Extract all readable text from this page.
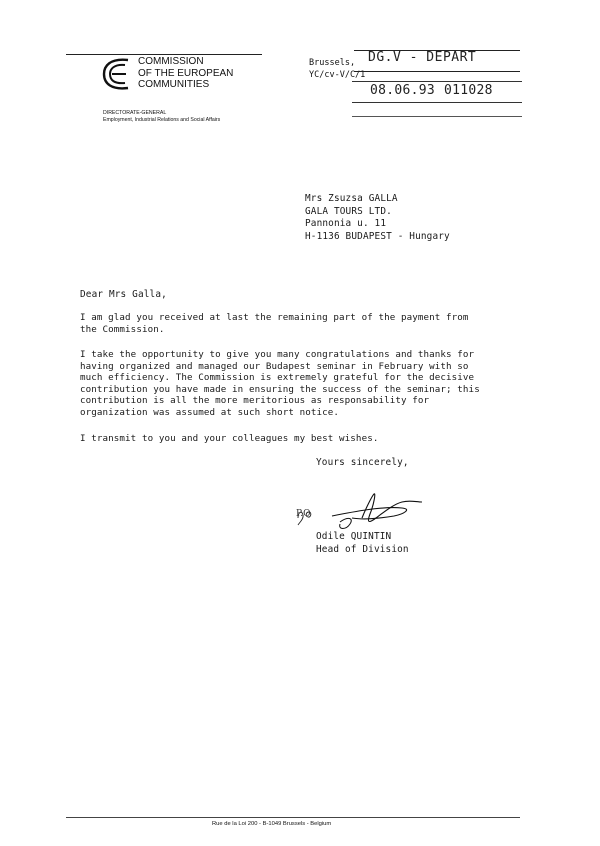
COMMISSION
OF THE EUROPEAN
COMMUNITIES
DIRECTORATE-GENERAL
Employment, Industrial Relations and Social Affairs
Brussels,
YC/cv-V/C/1
DG.V - DEPART
08.06.93 011028
Mrs Zsuzsa GALLA
GALA TOURS LTD.
Pannonia u. 11
H-1136 BUDAPEST - Hungary
Dear Mrs Galla,
I am glad you received at last the remaining part of the payment from
the Commission.
I take the opportunity to give you many congratulations and thanks for
having organized and managed our Budapest seminar in February with so
much efficiency. The Commission is extremely grateful for the decisive
contribution you have made in ensuring the success of the seminar; this
contribution is all the more meritorious as responsability for
organization was assumed at such short notice.
I transmit to you and your colleagues my best wishes.
Yours sincerely,
P.O
Odile QUINTIN
Head of Division
Rue de la Loi 200 - B-1049 Brussels - Belgium
